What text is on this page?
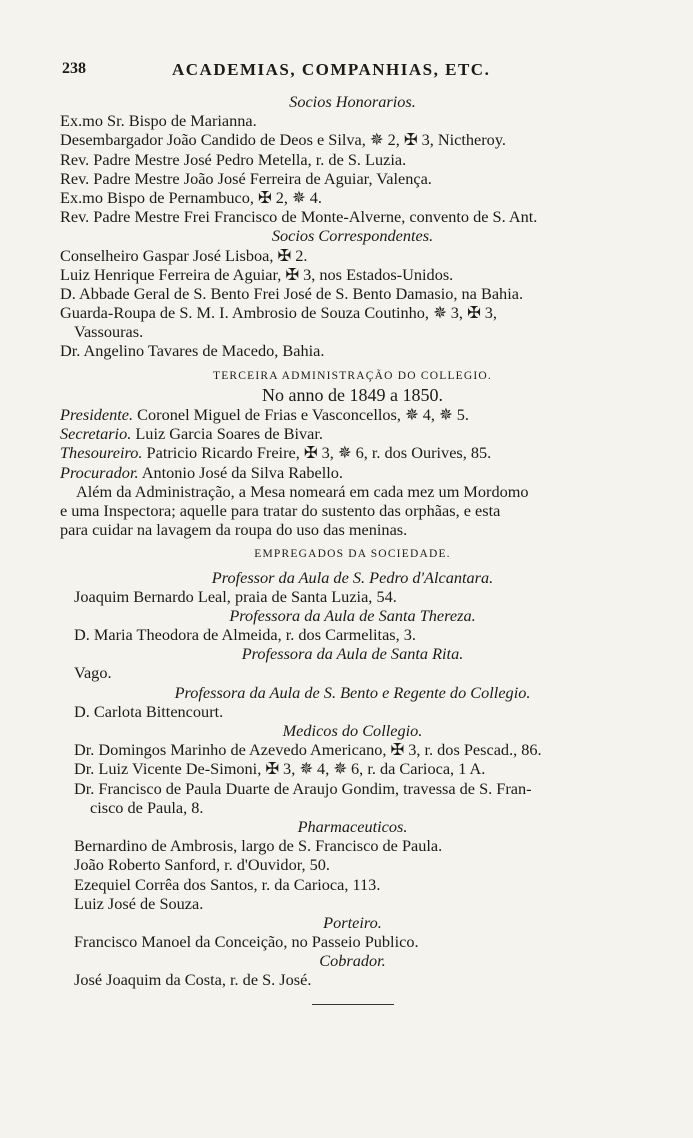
238	ACADEMIAS, COMPANHIAS, ETC.
Socios Honorarios.
Ex.mo Sr. Bispo de Marianna.
Desembargador João Candido de Deos e Silva, ✵ 2, ✠ 3, Nictheroy.
Rev. Padre Mestre José Pedro Metella, r. de S. Luzia.
Rev. Padre Mestre João José Ferreira de Aguiar, Valença.
Ex.mo Bispo de Pernambuco, ✠ 2, ✵ 4.
Rev. Padre Mestre Frei Francisco de Monte-Alverne, convento de S. Ant.
Socios Correspondentes.
Conselheiro Gaspar José Lisboa, ✠ 2.
Luiz Henrique Ferreira de Aguiar, ✠ 3, nos Estados-Unidos.
D. Abbade Geral de S. Bento Frei José de S. Bento Damasio, na Bahia.
Guarda-Roupa de S. M. I. Ambrosio de Souza Coutinho, ✵ 3, ✠ 3,
Vassouras.
Dr. Angelino Tavares de Macedo, Bahia.
TERCEIRA ADMINISTRAÇÃO DO COLLEGIO.
No anno de 1849 a 1850.
Presidente. Coronel Miguel de Frias e Vasconcellos, ✵ 4, ✵ 5.
Secretario. Luiz Garcia Soares de Bivar.
Thesoureiro. Patricio Ricardo Freire, ✠ 3, ✵ 6, r. dos Ourives, 85.
Procurador. Antonio José da Silva Rabello.
Além da Administração, a Mesa nomeará em cada mez um Mordomo
e uma Inspectora; aquelle para tratar do sustento das orphãas, e esta
para cuidar na lavagem da roupa do uso das meninas.
EMPREGADOS DA SOCIEDADE.
Professor da Aula de S. Pedro d'Alcantara.
Joaquim Bernardo Leal, praia de Santa Luzia, 54.
Professora da Aula de Santa Thereza.
D. Maria Theodora de Almeida, r. dos Carmelitas, 3.
Professora da Aula de Santa Rita.
Vago.
Professora da Aula de S. Bento e Regente do Collegio.
D. Carlota Bittencourt.
Medicos do Collegio.
Dr. Domingos Marinho de Azevedo Americano, ✠ 3, r. dos Pescad., 86.
Dr. Luiz Vicente De-Simoni, ✠ 3, ✵ 4, ✵ 6, r. da Carioca, 1 A.
Dr. Francisco de Paula Duarte de Araujo Gondim, travessa de S. Fran-
cisco de Paula, 8.
Pharmaceuticos.
Bernardino de Ambrosis, largo de S. Francisco de Paula.
João Roberto Sanford, r. d'Ouvidor, 50.
Ezequiel Corrêa dos Santos, r. da Carioca, 113.
Luiz José de Souza.
Porteiro.
Francisco Manoel da Conceição, no Passeio Publico.
Cobrador.
José Joaquim da Costa, r. de S. José.
